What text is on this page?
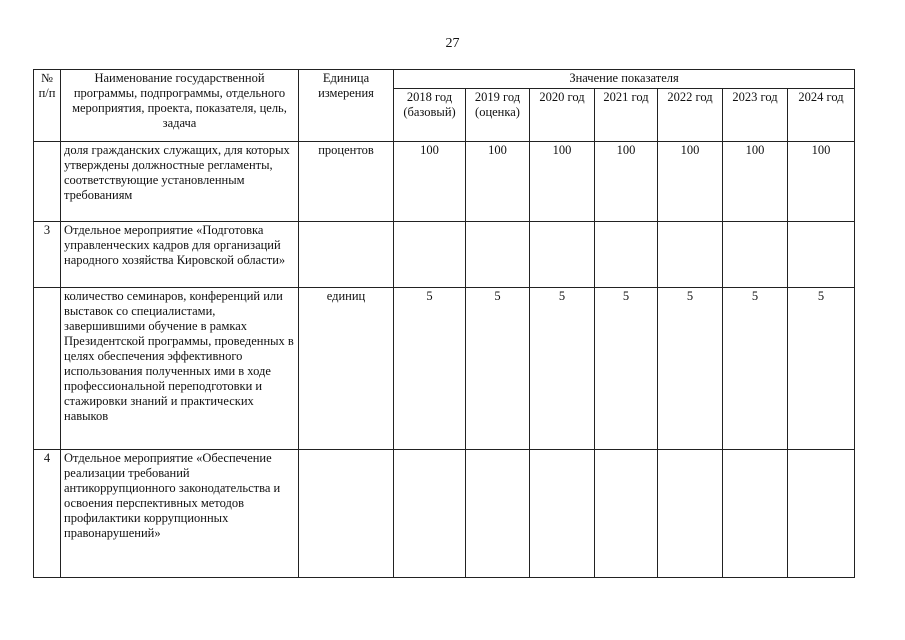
27
№ п/п	Наименование государственной программы, подпрограммы, отдельного мероприятия, проекта, показателя, цель, задача	Единица измерения	Значение показателя						
			2018 год (базовый)	2019 год (оценка)	2020 год	2021 год	2022 год	2023 год	2024 год
	доля гражданских служащих, для которых утверждены должностные регламенты, соответствующие установленным требованиям	процентов	100	100	100	100	100	100	100
3	Отдельное мероприятие «Подготовка управленческих кадров для организаций народного хозяйства Кировской области»								
	количество семинаров, конференций или выставок со специалистами, завершившими обучение в рамках Президентской программы, проведенных в целях обеспечения эффективного использования полученных ими в ходе профессиональной переподготовки и стажировки знаний и практических навыков	единиц	5	5	5	5	5	5	5
4	Отдельное мероприятие «Обеспечение реализации требований антикоррупционного законодательства и освоения перспективных методов профилактики коррупционных правонарушений»								
